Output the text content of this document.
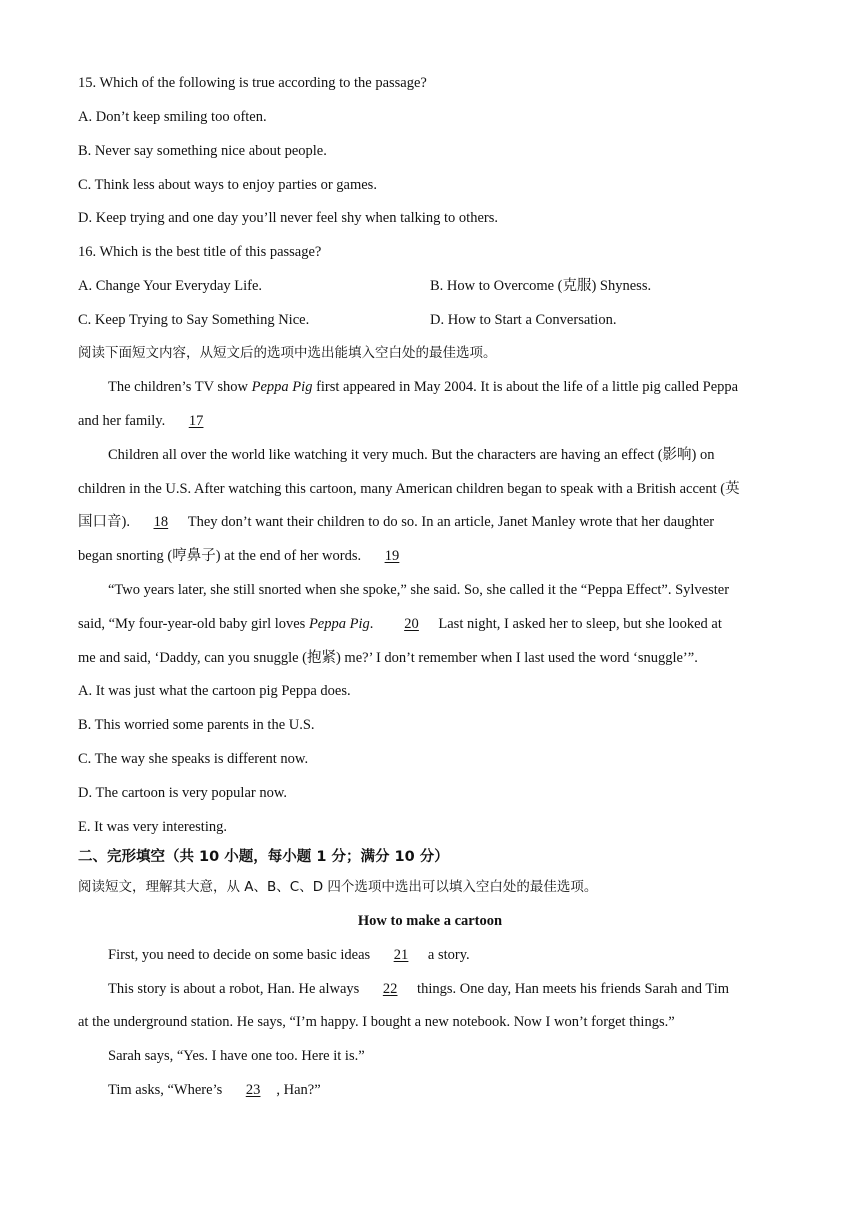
15. Which of the following is true according to the passage?
A. Don’t keep smiling too often.
B. Never say something nice about people.
C. Think less about ways to enjoy parties or games.
D. Keep trying and one day you’ll never feel shy when talking to others.
16. Which is the best title of this passage?
A. Change Your Everyday Life.	B. How to Overcome (克服) Shyness.
C. Keep Trying to Say Something Nice.	D. How to Start a Conversation.
阅读下面短文内容，从短文后的选项中选出能填入空白处的最佳选项。
The children’s TV show Peppa Pig first appeared in May 2004. It is about the life of a little pig called Peppa
and her family. 17
Children all over the world like watching it very much. But the characters are having an effect (影响) on
children in the U.S. After watching this cartoon, many American children began to speak with a British accent (英
国口音). 18 They don’t want their children to do so. In an article, Janet Manley wrote that her daughter
began snorting (哼鼻子) at the end of her words. 19
“Two years later, she still snorted when she spoke,” she said. So, she called it the “Peppa Effect”. Sylvester
said, “My four-year-old baby girl loves Peppa Pig.   20 Last night, I asked her to sleep, but she looked at
me and said, ‘Daddy, can you snuggle (抱紧) me?’ I don’t remember when I last used the word ‘snuggle’”.
A. It was just what the cartoon pig Peppa does.
B. This worried some parents in the U.S.
C. The way she speaks is different now.
D. The cartoon is very popular now.
E. It was very interesting.
二、完形填空（共 10 小题，每小题 1 分；满分 10 分）
阅读短文，理解其大意，从 A、B、C、D 四个选项中选出可以填入空白处的最佳选项。
How to make a cartoon
First, you need to decide on some basic ideas 21 a story.
This story is about a robot, Han. He always 22 things. One day, Han meets his friends Sarah and Tim
at the underground station. He says, “I’m happy. I bought a new notebook. Now I won’t forget things.”
Sarah says, “Yes. I have one too. Here it is.”
Tim asks, “Where’s 23 , Han?”
